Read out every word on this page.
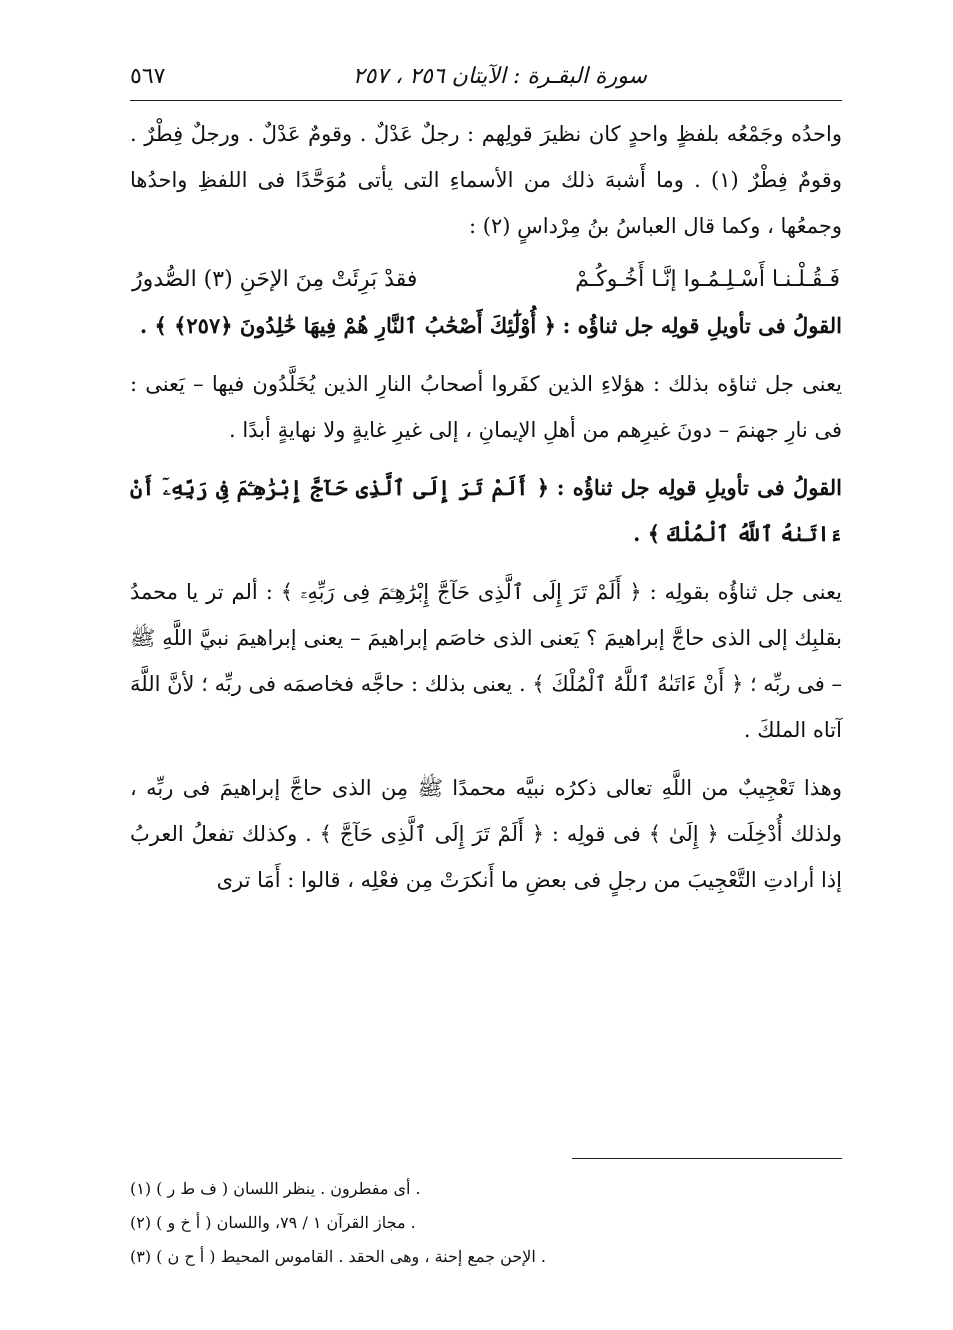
سورة البقـرة : الآيتان ٢٥٦ ، ٢٥٧
٥٦٧

واحدُه وجَمْعُه بلفظٍ واحدٍ كان نظيرَ قولِهم : رجلٌ عَدْلٌ . وقومٌ عَدْلٌ . ورجلٌ فِطْرٌ . وقومٌ فِطْرٌ (١) . وما أَشبهَ ذلك من الأسماءِ التى يأتى مُوَحَّدًا فى اللفظِ واحدُها وجمعُها ، وكما قال العباسُ بنُ مِرْداسٍ (٢) :

فَـقُـلْـنـا أَسْـلِـمُـوا إنَّـا أَخُـوكُـمْ
فقدْ بَرِئَتْ مِنَ الإحَنِ (٣) الصُّدورُ

القولُ فى تأويلِ قولِه جل ثناؤُه : ﴿ أُوْلَٰٓئِكَ أَصْحَٰبُ ٱلنَّارِ هُمْ فِيهَا خَٰلِدُونَ ﴿٢٥٧﴾ ﴾ .

يعنى جل ثناؤه بذلك : هؤلاءِ الذين كفَروا أصحابُ النارِ الذين يُخَلَّدُون فيها – يَعنى : فى نارِ جهنمَ – دونَ غيرِهم من أهلِ الإيمانِ ، إلى غيرِ غايةٍ ولا نهايةٍ أبدًا .

القولُ فى تأويلِ قولِه جل ثناؤُه : ﴿ أَلَمْ تَرَ إِلَى ٱلَّذِى حَآجَّ إِبْرَٰهِـۧمَ فِى رَبِّهِۦٓ أَنْ ءَاتَىٰهُ ٱللَّهُ ٱلْمُلْكَ ﴾ .

يعنى جل ثناؤُه بقولِه : ﴿ أَلَمْ تَرَ إِلَى ٱلَّذِى حَآجَّ إِبْرَٰهِـۧمَ فِى رَبِّهِۦٓ ﴾ : ألم تر يا محمدُ بقلبِك إلى الذى حاجَّ إبراهيمَ ؟ يَعنى الذى خاصَم إبراهيمَ – يعنى إبراهيمَ نبيَّ اللَّهِ ﷺ – فى ربِّه ؛ ﴿ أَنْ ءَاتَىٰهُ ٱللَّهُ ٱلْمُلْكَ ﴾ . يعنى بذلك : حاجَّه فخاصمَه فى ربِّه ؛ لأنَّ اللَّهَ آتاه الملكَ .

وهذا تَعْجِيبٌ من اللَّهِ تعالى ذكرُه نبيَّه محمدًا ﷺ مِن الذى حاجَّ إبراهيمَ فى ربِّه ، ولذلك أُدْخِلَت ﴿ إِلَىٰ ﴾ فى قولِه : ﴿ أَلَمْ تَرَ إِلَى ٱلَّذِى حَآجَّ ﴾ . وكذلك تفعلُ العربُ إذا أرادتِ التَّعْجِيبَ من رجلٍ فى بعضِ ما أَنكرَتْ مِن فعْلِه ، قالوا : أَمَا ترى

(١) أى مفطرون . ينظر اللسان ( ف ط ر ) .
(٢) مجاز القرآن ١ / ٧٩، واللسان ( أ خ و ) .
(٣) الإحن جمع إحنة ، وهى الحقد . القاموس المحيط ( أ ح ن ) .
